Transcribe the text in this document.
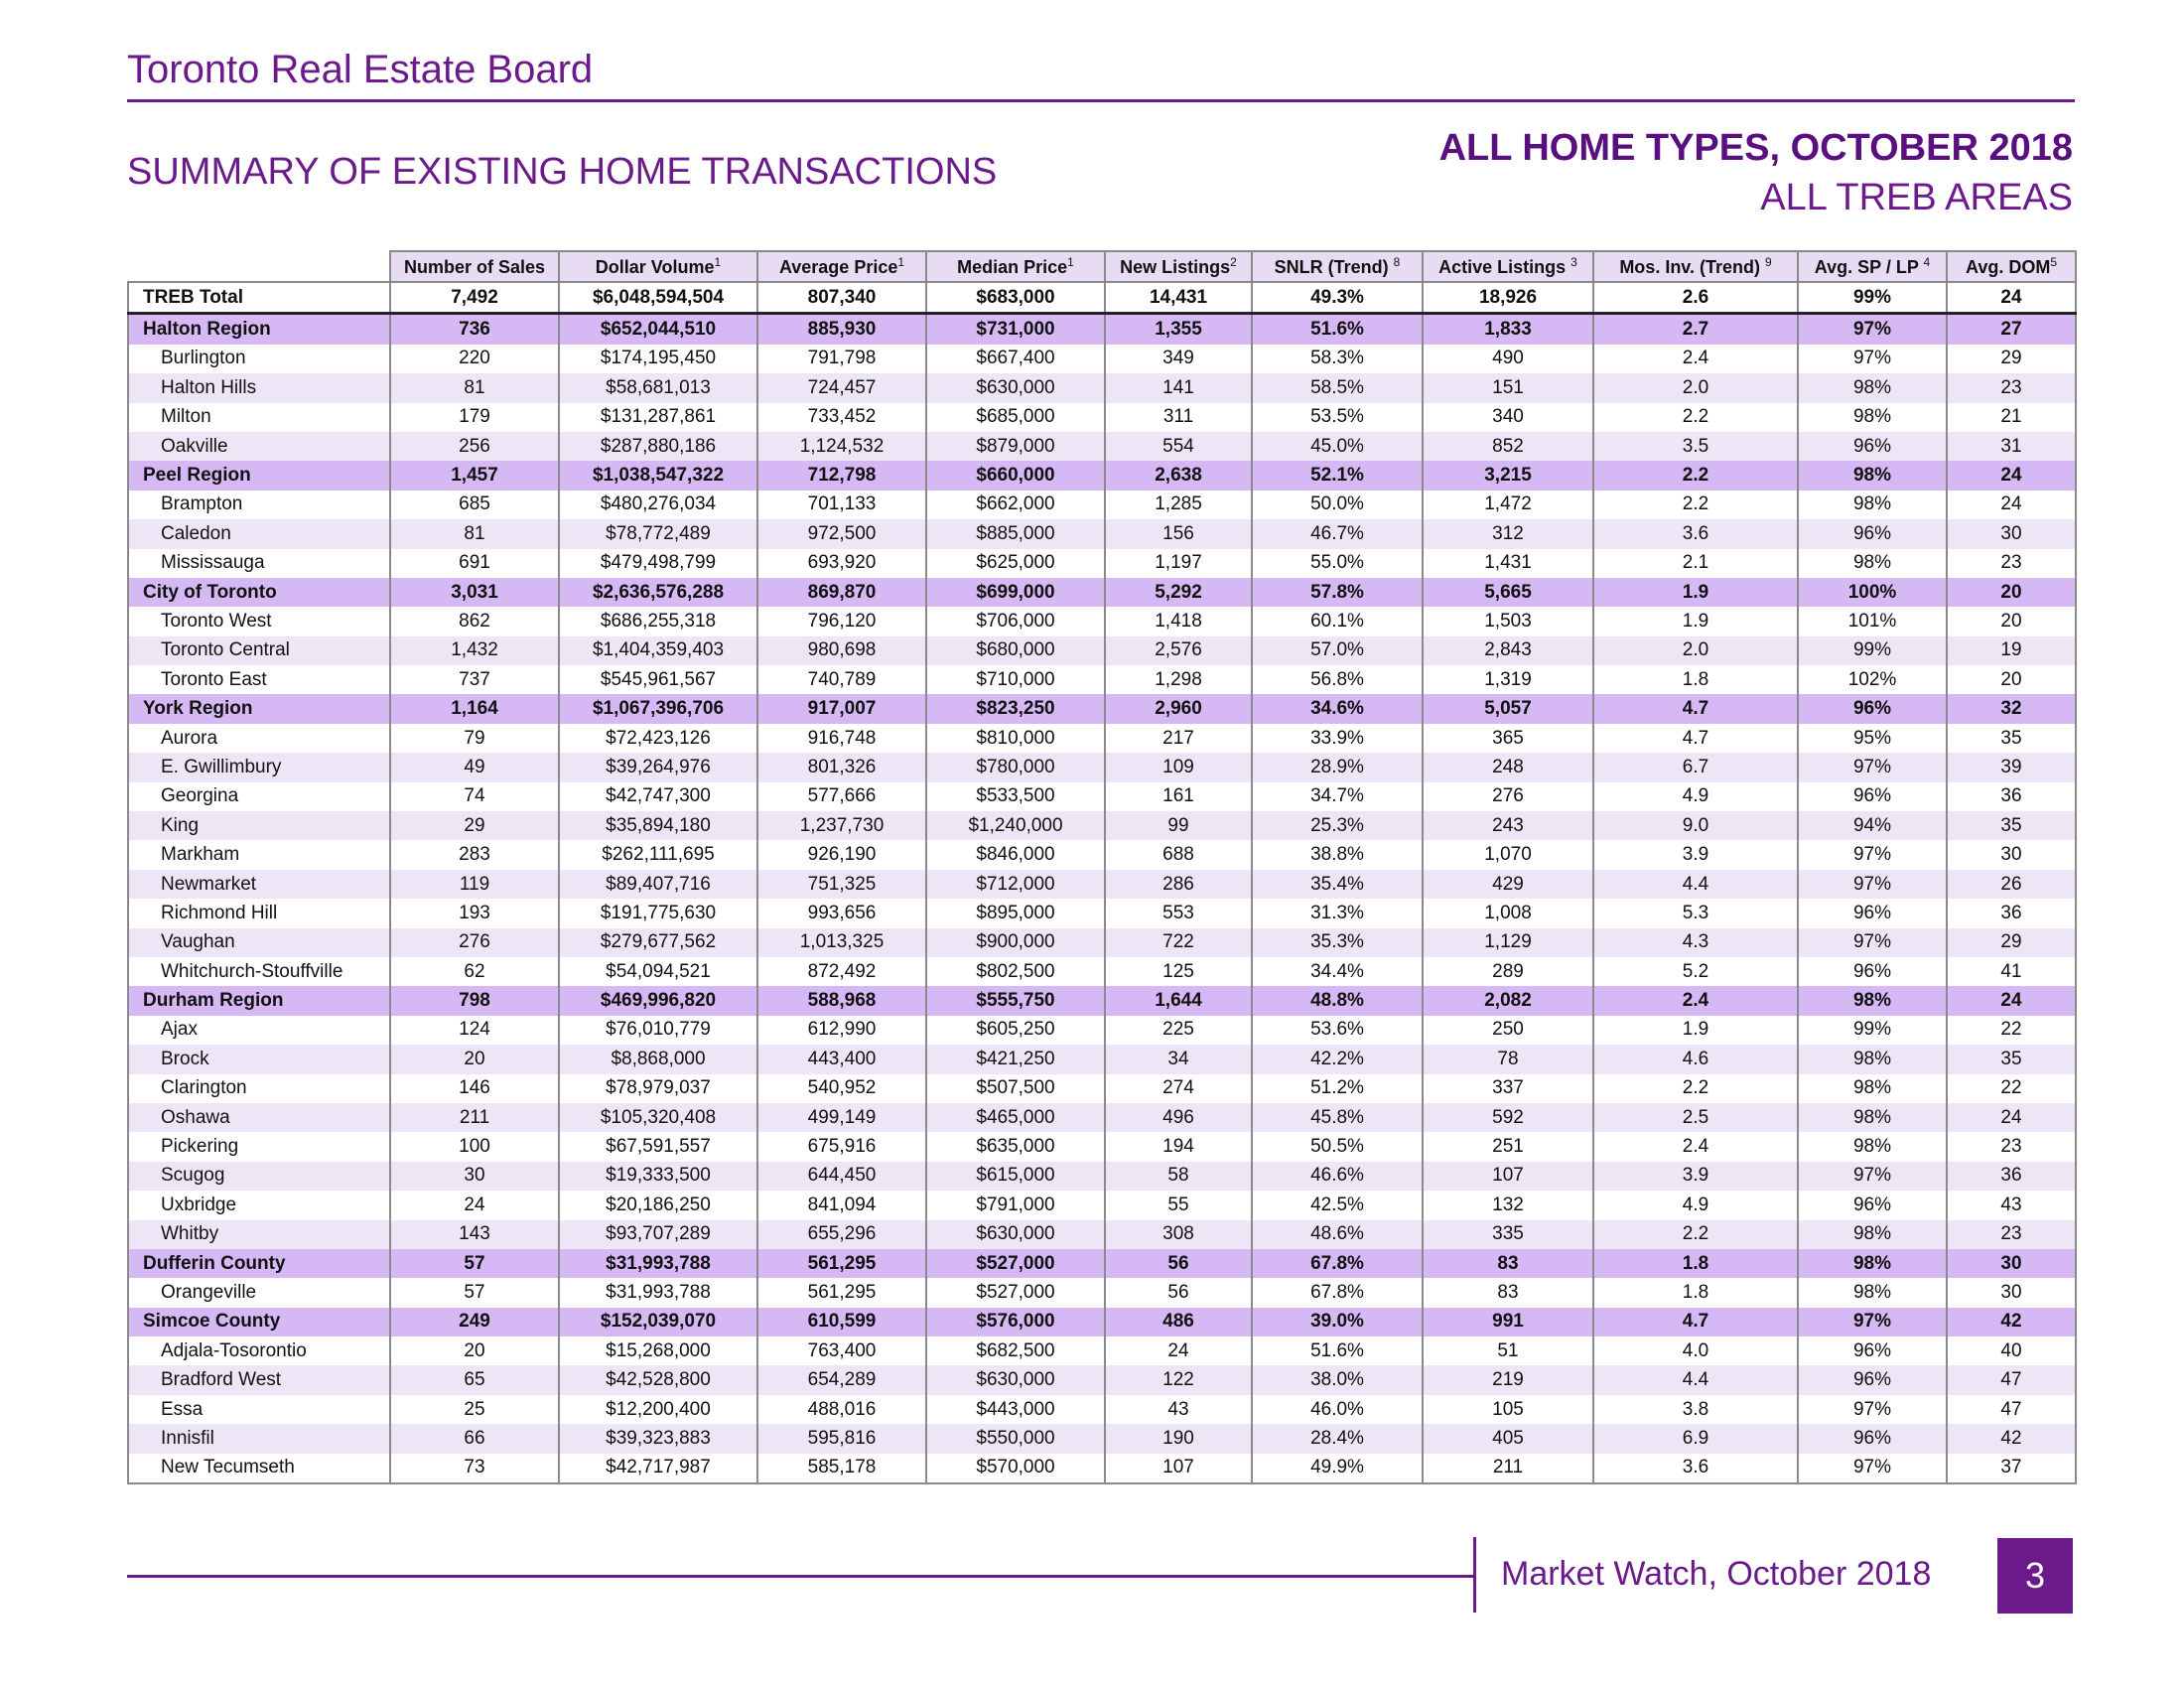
Toronto Real Estate Board
SUMMARY OF EXISTING HOME TRANSACTIONS
ALL HOME TYPES, OCTOBER 2018
ALL TREB AREAS
	Number of Sales	Dollar Volume$^1$	Average Price$^1$	Median Price$^1$	New Listings$^2$	SNLR (Trend) $^8$	Active Listings $^3$	Mos. Inv. (Trend) $^9$	Avg. SP / LP $^4$	Avg. DOM$^5$
TREB Total	7,492	$6,048,594,504	807,340	$683,000	14,431	49.3%	18,926	2.6	99%	24
Halton Region	736	$652,044,510	885,930	$731,000	1,355	51.6%	1,833	2.7	97%	27
Burlington	220	$174,195,450	791,798	$667,400	349	58.3%	490	2.4	97%	29
Halton Hills	81	$58,681,013	724,457	$630,000	141	58.5%	151	2.0	98%	23
Milton	179	$131,287,861	733,452	$685,000	311	53.5%	340	2.2	98%	21
Oakville	256	$287,880,186	1,124,532	$879,000	554	45.0%	852	3.5	96%	31
Peel Region	1,457	$1,038,547,322	712,798	$660,000	2,638	52.1%	3,215	2.2	98%	24
Brampton	685	$480,276,034	701,133	$662,000	1,285	50.0%	1,472	2.2	98%	24
Caledon	81	$78,772,489	972,500	$885,000	156	46.7%	312	3.6	96%	30
Mississauga	691	$479,498,799	693,920	$625,000	1,197	55.0%	1,431	2.1	98%	23
City of Toronto	3,031	$2,636,576,288	869,870	$699,000	5,292	57.8%	5,665	1.9	100%	20
Toronto West	862	$686,255,318	796,120	$706,000	1,418	60.1%	1,503	1.9	101%	20
Toronto Central	1,432	$1,404,359,403	980,698	$680,000	2,576	57.0%	2,843	2.0	99%	19
Toronto East	737	$545,961,567	740,789	$710,000	1,298	56.8%	1,319	1.8	102%	20
York Region	1,164	$1,067,396,706	917,007	$823,250	2,960	34.6%	5,057	4.7	96%	32
Aurora	79	$72,423,126	916,748	$810,000	217	33.9%	365	4.7	95%	35
E. Gwillimbury	49	$39,264,976	801,326	$780,000	109	28.9%	248	6.7	97%	39
Georgina	74	$42,747,300	577,666	$533,500	161	34.7%	276	4.9	96%	36
King	29	$35,894,180	1,237,730	$1,240,000	99	25.3%	243	9.0	94%	35
Markham	283	$262,111,695	926,190	$846,000	688	38.8%	1,070	3.9	97%	30
Newmarket	119	$89,407,716	751,325	$712,000	286	35.4%	429	4.4	97%	26
Richmond Hill	193	$191,775,630	993,656	$895,000	553	31.3%	1,008	5.3	96%	36
Vaughan	276	$279,677,562	1,013,325	$900,000	722	35.3%	1,129	4.3	97%	29
Whitchurch-Stouffville	62	$54,094,521	872,492	$802,500	125	34.4%	289	5.2	96%	41
Durham Region	798	$469,996,820	588,968	$555,750	1,644	48.8%	2,082	2.4	98%	24
Ajax	124	$76,010,779	612,990	$605,250	225	53.6%	250	1.9	99%	22
Brock	20	$8,868,000	443,400	$421,250	34	42.2%	78	4.6	98%	35
Clarington	146	$78,979,037	540,952	$507,500	274	51.2%	337	2.2	98%	22
Oshawa	211	$105,320,408	499,149	$465,000	496	45.8%	592	2.5	98%	24
Pickering	100	$67,591,557	675,916	$635,000	194	50.5%	251	2.4	98%	23
Scugog	30	$19,333,500	644,450	$615,000	58	46.6%	107	3.9	97%	36
Uxbridge	24	$20,186,250	841,094	$791,000	55	42.5%	132	4.9	96%	43
Whitby	143	$93,707,289	655,296	$630,000	308	48.6%	335	2.2	98%	23
Dufferin County	57	$31,993,788	561,295	$527,000	56	67.8%	83	1.8	98%	30
Orangeville	57	$31,993,788	561,295	$527,000	56	67.8%	83	1.8	98%	30
Simcoe County	249	$152,039,070	610,599	$576,000	486	39.0%	991	4.7	97%	42
Adjala-Tosorontio	20	$15,268,000	763,400	$682,500	24	51.6%	51	4.0	96%	40
Bradford West	65	$42,528,800	654,289	$630,000	122	38.0%	219	4.4	96%	47
Essa	25	$12,200,400	488,016	$443,000	43	46.0%	105	3.8	97%	47
Innisfil	66	$39,323,883	595,816	$550,000	190	28.4%	405	6.9	96%	42
New Tecumseth	73	$42,717,987	585,178	$570,000	107	49.9%	211	3.6	97%	37
Market Watch, October 2018	3
